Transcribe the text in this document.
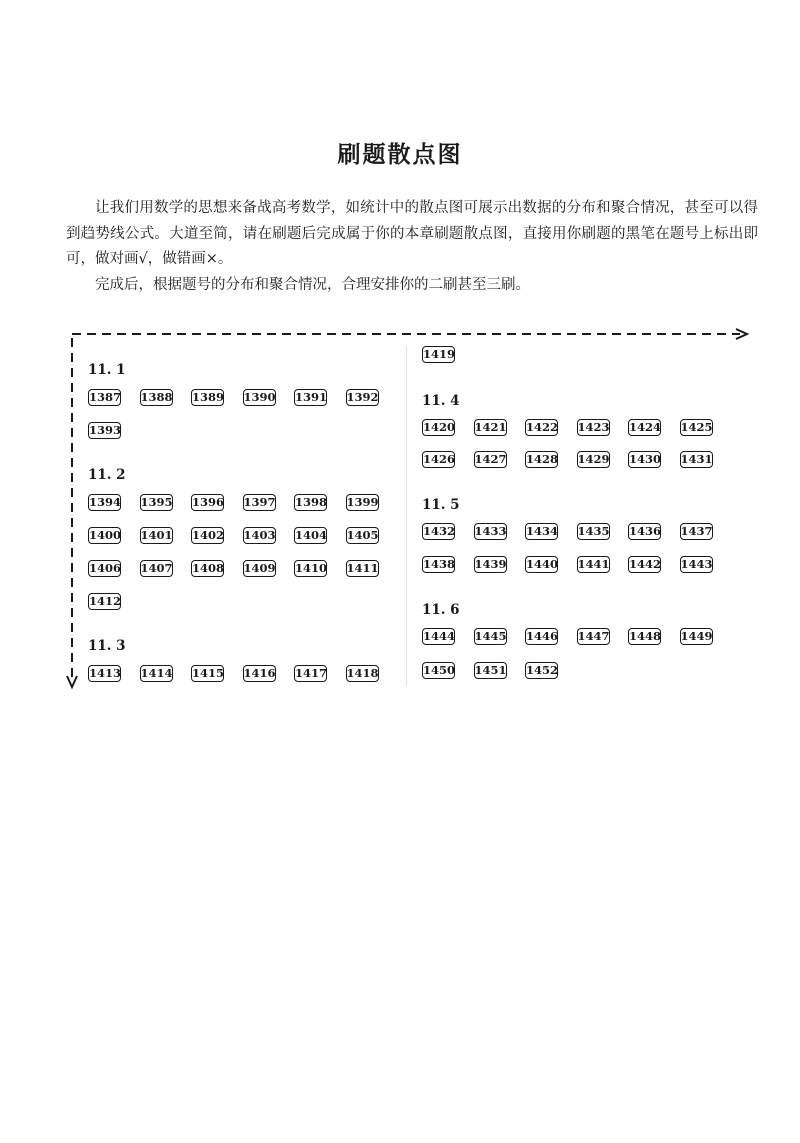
刷题散点图

让我们用数学的思想来备战高考数学，如统计中的散点图可展示出数据的分布和聚合情况，甚至可以得到趋势线公式。大道至简，请在刷题后完成属于你的本章刷题散点图，直接用你刷题的黑笔在题号上标出即可，做对画√，做错画×。

完成后，根据题号的分布和聚合情况，合理安排你的二刷甚至三刷。

11. 1
1387 1388 1389 1390 1391 1392
1393
11. 2
1394 1395 1396 1397 1398 1399
1400 1401 1402 1403 1404 1405
1406 1407 1408 1409 1410 1411
1412
11. 3
1413 1414 1415 1416 1417 1418
1419
11. 4
1420 1421 1422 1423 1424 1425
1426 1427 1428 1429 1430 1431
11. 5
1432 1433 1434 1435 1436 1437
1438 1439 1440 1441 1442 1443
11. 6
1444 1445 1446 1447 1448 1449
1450 1451 1452
